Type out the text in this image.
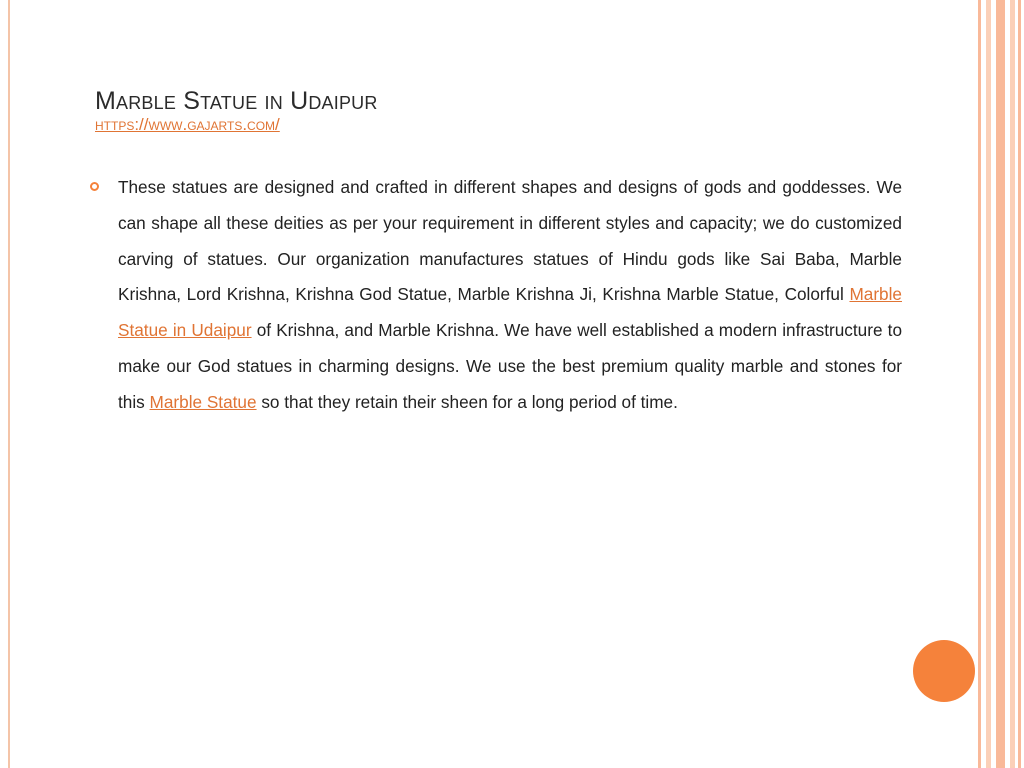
Marble Statue in Udaipur
https://www.gajarts.com/

These statues are designed and crafted in different shapes and designs of gods and goddesses. We can shape all these deities as per your requirement in different styles and capacity; we do customized carving of statues. Our organization manufactures statues of Hindu gods like Sai Baba, Marble Krishna, Lord Krishna, Krishna God Statue, Marble Krishna Ji, Krishna Marble Statue, Colorful Marble Statue in Udaipur of Krishna, and Marble Krishna. We have well established a modern infrastructure to make our God statues in charming designs. We use the best premium quality marble and stones for this Marble Statue so that they retain their sheen for a long period of time.
